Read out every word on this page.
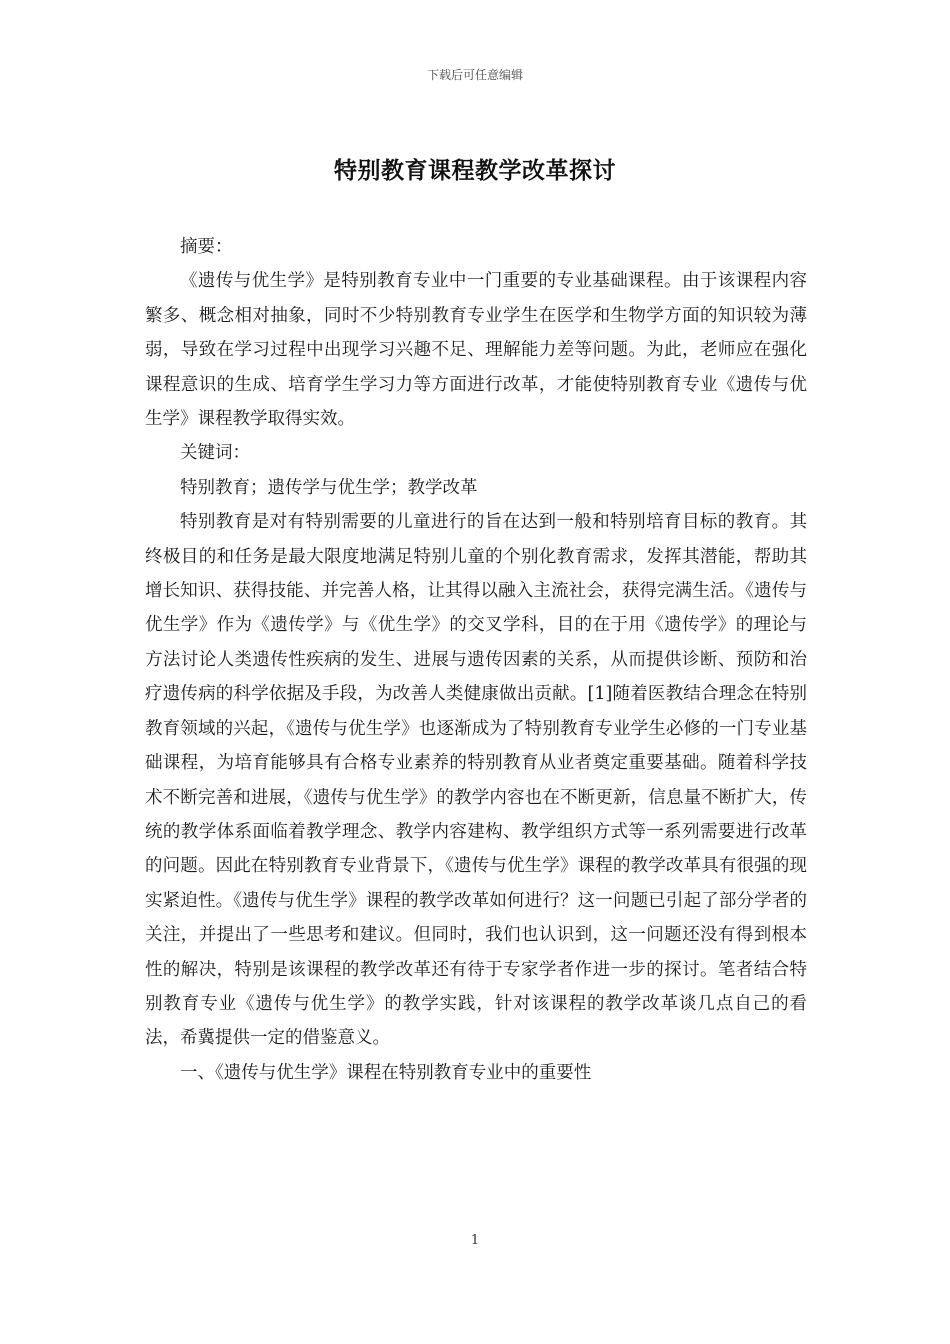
下载后可任意编辑
特别教育课程教学改革探讨

摘要：

《遗传与优生学》是特别教育专业中一门重要的专业基础课程。由于该课程内容繁多、概念相对抽象，同时不少特别教育专业学生在医学和生物学方面的知识较为薄弱，导致在学习过程中出现学习兴趣不足、理解能力差等问题。为此，老师应在强化课程意识的生成、培育学生学习力等方面进行改革，才能使特别教育专业《遗传与优生学》课程教学取得实效。

关键词：

特别教育；遗传学与优生学；教学改革

特别教育是对有特别需要的儿童进行的旨在达到一般和特别培育目标的教育。其终极目的和任务是最大限度地满足特别儿童的个别化教育需求，发挥其潜能，帮助其增长知识、获得技能、并完善人格，让其得以融入主流社会，获得完满生活。《遗传与优生学》作为《遗传学》与《优生学》的交叉学科，目的在于用《遗传学》的理论与方法讨论人类遗传性疾病的发生、进展与遗传因素的关系，从而提供诊断、预防和治疗遗传病的科学依据及手段，为改善人类健康做出贡献。[1]随着医教结合理念在特别教育领域的兴起，《遗传与优生学》也逐渐成为了特别教育专业学生必修的一门专业基础课程，为培育能够具有合格专业素养的特别教育从业者奠定重要基础。随着科学技术不断完善和进展，《遗传与优生学》的教学内容也在不断更新，信息量不断扩大，传统的教学体系面临着教学理念、教学内容建构、教学组织方式等一系列需要进行改革的问题。因此在特别教育专业背景下，《遗传与优生学》课程的教学改革具有很强的现实紧迫性。《遗传与优生学》课程的教学改革如何进行？这一问题已引起了部分学者的关注，并提出了一些思考和建议。但同时，我们也认识到，这一问题还没有得到根本性的解决，特别是该课程的教学改革还有待于专家学者作进一步的探讨。笔者结合特别教育专业《遗传与优生学》的教学实践，针对该课程的教学改革谈几点自己的看法，希冀提供一定的借鉴意义。

一、《遗传与优生学》课程在特别教育专业中的重要性

1
